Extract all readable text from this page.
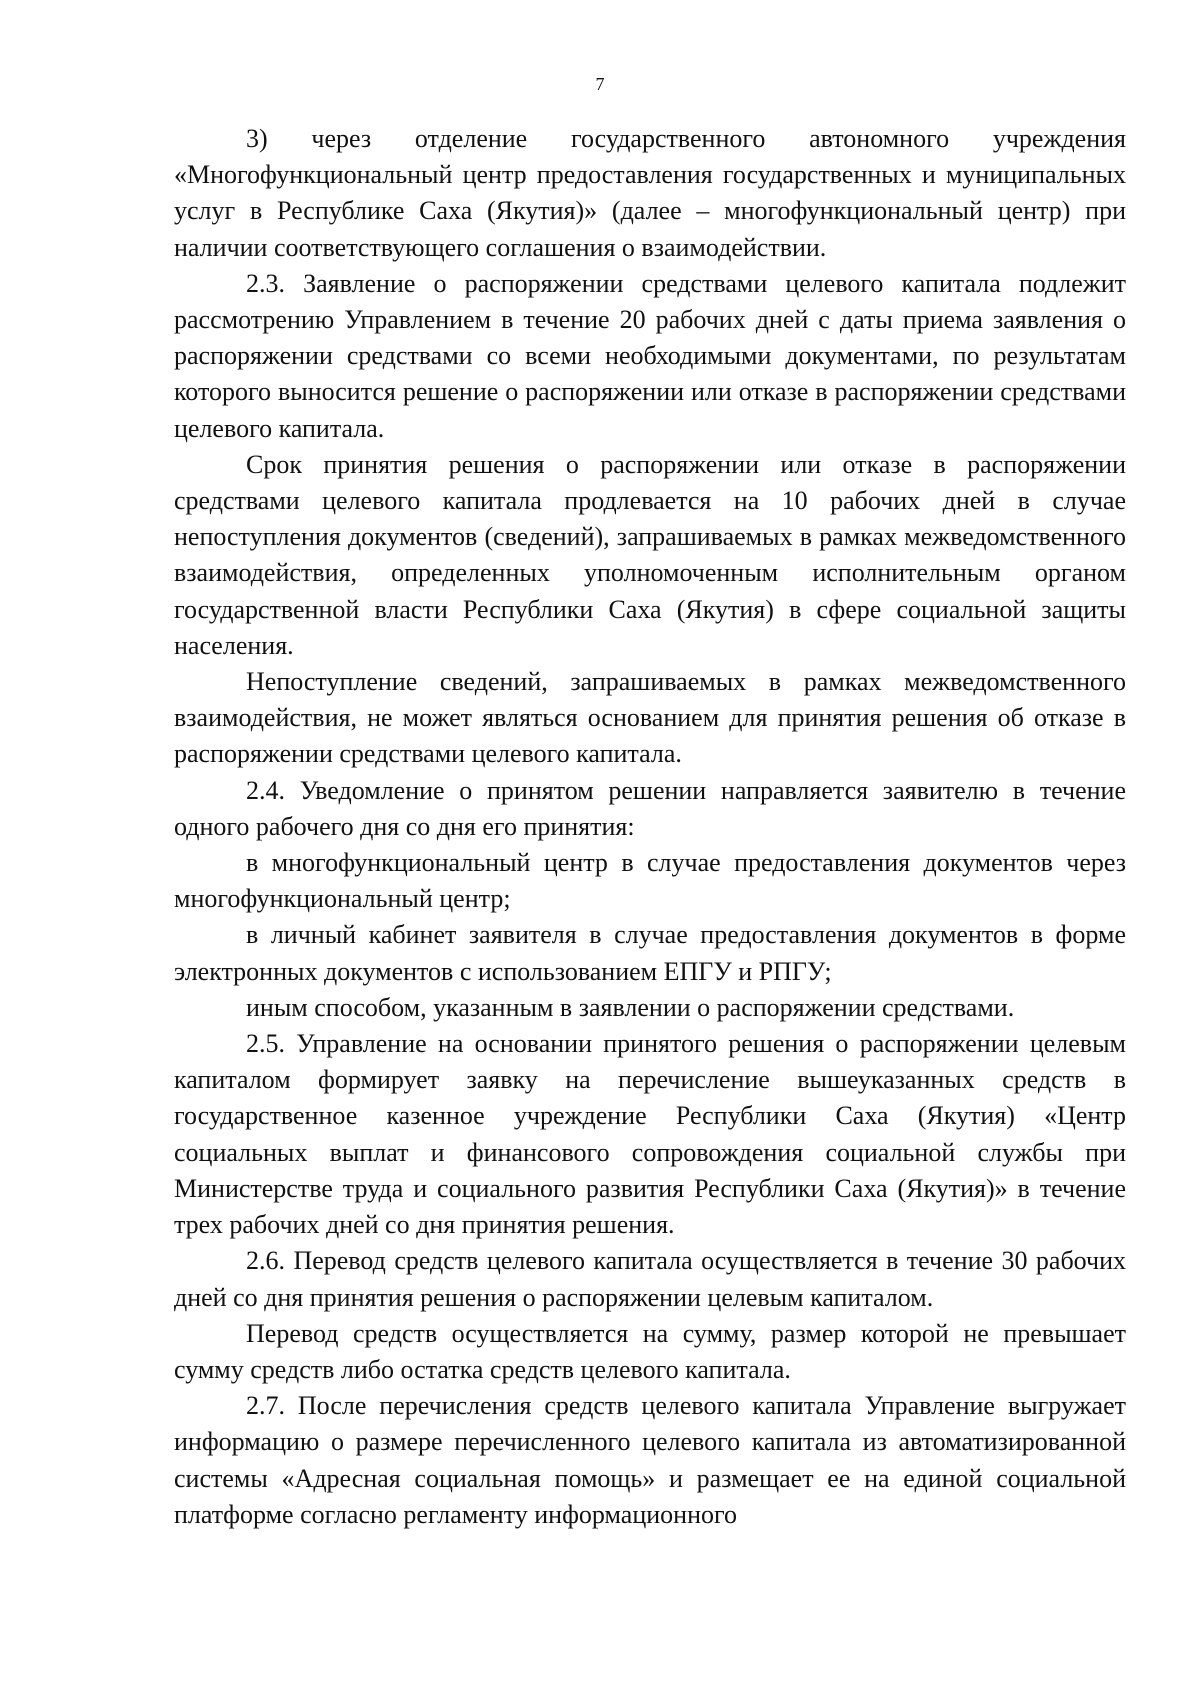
7

3) через отделение государственного автономного учреждения «Многофункциональный центр предоставления государственных и муниципальных услуг в Республике Саха (Якутия)» (далее – многофункциональный центр) при наличии соответствующего соглашения о взаимодействии.

2.3. Заявление о распоряжении средствами целевого капитала подлежит рассмотрению Управлением в течение 20 рабочих дней с даты приема заявления о распоряжении средствами со всеми необходимыми документами, по результатам которого выносится решение о распоряжении или отказе в распоряжении средствами целевого капитала.

Срок принятия решения о распоряжении или отказе в распоряжении средствами целевого капитала продлевается на 10 рабочих дней в случае непоступления документов (сведений), запрашиваемых в рамках межведомственного взаимодействия, определенных уполномоченным исполнительным органом государственной власти Республики Саха (Якутия) в сфере социальной защиты населения.

Непоступление сведений, запрашиваемых в рамках межведомственного взаимодействия, не может являться основанием для принятия решения об отказе в распоряжении средствами целевого капитала.

2.4. Уведомление о принятом решении направляется заявителю в течение одного рабочего дня со дня его принятия:

в многофункциональный центр в случае предоставления документов через многофункциональный центр;

в личный кабинет заявителя в случае предоставления документов в форме электронных документов с использованием ЕПГУ и РПГУ;

иным способом, указанным в заявлении о распоряжении средствами.

2.5. Управление на основании принятого решения о распоряжении целевым капиталом формирует заявку на перечисление вышеуказанных средств в государственное казенное учреждение Республики Саха (Якутия) «Центр социальных выплат и финансового сопровождения социальной службы при Министерстве труда и социального развития Республики Саха (Якутия)» в течение трех рабочих дней со дня принятия решения.

2.6. Перевод средств целевого капитала осуществляется в течение 30 рабочих дней со дня принятия решения о распоряжении целевым капиталом.

Перевод средств осуществляется на сумму, размер которой не превышает сумму средств либо остатка средств целевого капитала.

2.7. После перечисления средств целевого капитала Управление выгружает информацию о размере перечисленного целевого капитала из автоматизированной системы «Адресная социальная помощь» и размещает ее на единой социальной платформе согласно регламенту информационного
